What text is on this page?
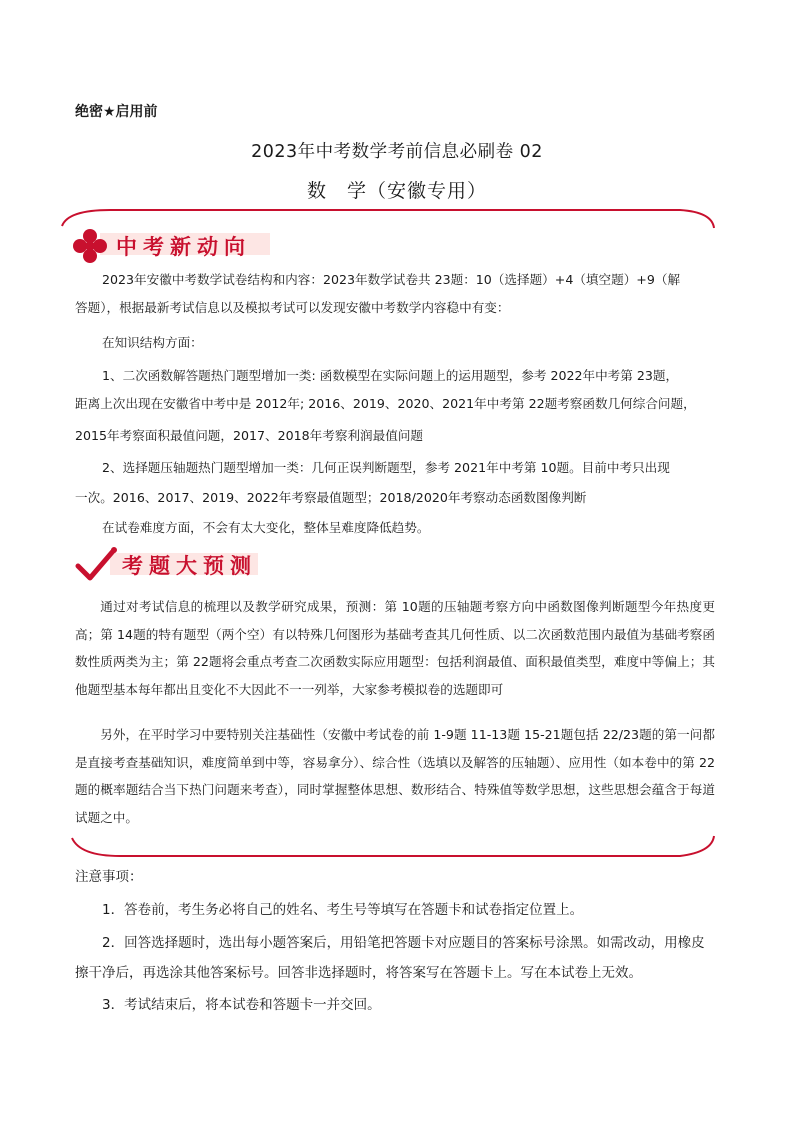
绝密★启用前
2023年中考数学考前信息必刷卷 02
数　学（安徽专用）
中考新动向
2023年安徽中考数学试卷结构和内容：2023年数学试卷共 23题：10（选择题）+4（填空题）+9（解
答题），根据最新考试信息以及模拟考试可以发现安徽中考数学内容稳中有变：
在知识结构方面：
1、二次函数解答题热门题型增加一类: 函数模型在实际问题上的运用题型，参考 2022年中考第 23题，
距离上次出现在安徽省中考中是 2012年; 2016、2019、2020、2021年中考第 22题考察函数几何综合问题，
2015年考察面积最值问题，2017、2018年考察利润最值问题
2、选择题压轴题热门题型增加一类：几何正误判断题型，参考 2021年中考第 10题。目前中考只出现
一次。2016、2017、2019、2022年考察最值题型；2018/2020年考察动态函数图像判断
在试卷难度方面，不会有太大变化，整体呈难度降低趋势。
考题大预测
通过对考试信息的梳理以及教学研究成果，预测：第 10题的压轴题考察方向中函数图像判断题型今年热度更高；第 14题的特有题型（两个空）有以特殊几何图形为基础考查其几何性质、以二次函数范围内最值为基础考察函数性质两类为主；第 22题将会重点考查二次函数实际应用题型：包括利润最值、面积最值类型，难度中等偏上；其他题型基本每年都出且变化不大因此不一一列举，大家参考模拟卷的选题即可
另外，在平时学习中要特别关注基础性（安徽中考试卷的前 1-9题 11-13题 15-21题包括 22/23题的第一问都是直接考查基础知识，难度简单到中等，容易拿分）、综合性（选填以及解答的压轴题）、应用性（如本卷中的第 22题的概率题结合当下热门问题来考查），同时掌握整体思想、数形结合、特殊值等数学思想，这些思想会蕴含于每道试题之中。
注意事项：
1．答卷前，考生务必将自己的姓名、考生号等填写在答题卡和试卷指定位置上。
2．回答选择题时，选出每小题答案后，用铅笔把答题卡对应题目的答案标号涂黑。如需改动，用橡皮
擦干净后，再选涂其他答案标号。回答非选择题时，将答案写在答题卡上。写在本试卷上无效。
3．考试结束后，将本试卷和答题卡一并交回。
